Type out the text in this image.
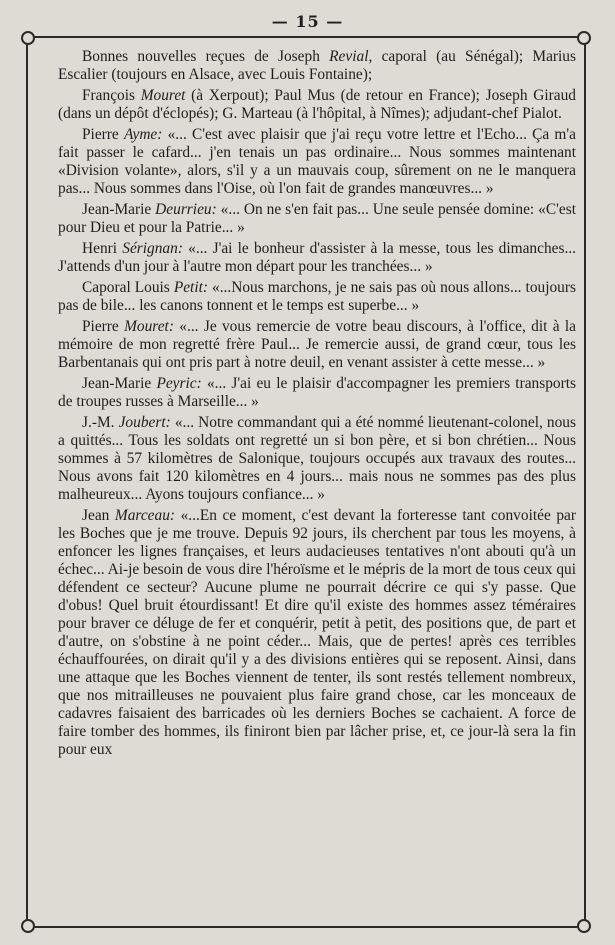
— 15 —

Bonnes nouvelles reçues de Joseph Revial, caporal (au Sénégal); Marius Escalier (toujours en Alsace, avec Louis Fontaine);

François Mouret (à Xerpout); Paul Mus (de retour en France); Joseph Giraud (dans un dépôt d'éclopés); G. Marteau (à l'hôpital, à Nîmes); adjudant-chef Pialot.

Pierre Ayme: «... C'est avec plaisir que j'ai reçu votre lettre et l'Echo... Ça m'a fait passer le cafard... j'en tenais un pas ordinaire... Nous sommes maintenant «Division volante», alors, s'il y a un mauvais coup, sûrement on ne le manquera pas... Nous sommes dans l'Oise, où l'on fait de grandes manœuvres... »

Jean-Marie Deurrieu: «... On ne s'en fait pas... Une seule pensée domine: «C'est pour Dieu et pour la Patrie... »

Henri Sérignan: «... J'ai le bonheur d'assister à la messe, tous les dimanches... J'attends d'un jour à l'autre mon départ pour les tranchées... »

Caporal Louis Petit: «...Nous marchons, je ne sais pas où nous allons... toujours pas de bile... les canons tonnent et le temps est superbe... »

Pierre Mouret: «... Je vous remercie de votre beau discours, à l'office, dit à la mémoire de mon regretté frère Paul... Je remercie aussi, de grand cœur, tous les Barbentanais qui ont pris part à notre deuil, en venant assister à cette messe... »

Jean-Marie Peyric: «... J'ai eu le plaisir d'accompagner les premiers transports de troupes russes à Marseille... »

J.-M. Joubert: «... Notre commandant qui a été nommé lieutenant-colonel, nous a quittés... Tous les soldats ont regretté un si bon père, et si bon chrétien... Nous sommes à 57 kilomètres de Salonique, toujours occupés aux travaux des routes... Nous avons fait 120 kilomètres en 4 jours... mais nous ne sommes pas des plus malheureux... Ayons toujours confiance... »

Jean Marceau: «...En ce moment, c'est devant la forteresse tant convoitée par les Boches que je me trouve. Depuis 92 jours, ils cherchent par tous les moyens, à enfoncer les lignes françaises, et leurs audacieuses tentatives n'ont abouti qu'à un échec... Ai-je besoin de vous dire l'héroïsme et le mépris de la mort de tous ceux qui défendent ce secteur? Aucune plume ne pourrait décrire ce qui s'y passe. Que d'obus! Quel bruit étourdissant! Et dire qu'il existe des hommes assez téméraires pour braver ce déluge de fer et conquérir, petit à petit, des positions que, de part et d'autre, on s'obstine à ne point céder... Mais, que de pertes! après ces terribles échauffourées, on dirait qu'il y a des divisions entières qui se reposent. Ainsi, dans une attaque que les Boches viennent de tenter, ils sont restés tellement nombreux, que nos mitrailleuses ne pouvaient plus faire grand chose, car les monceaux de cadavres faisaient des barricades où les derniers Boches se cachaient. A force de faire tomber des hommes, ils finiront bien par lâcher prise, et, ce jour-là sera la fin pour eux
